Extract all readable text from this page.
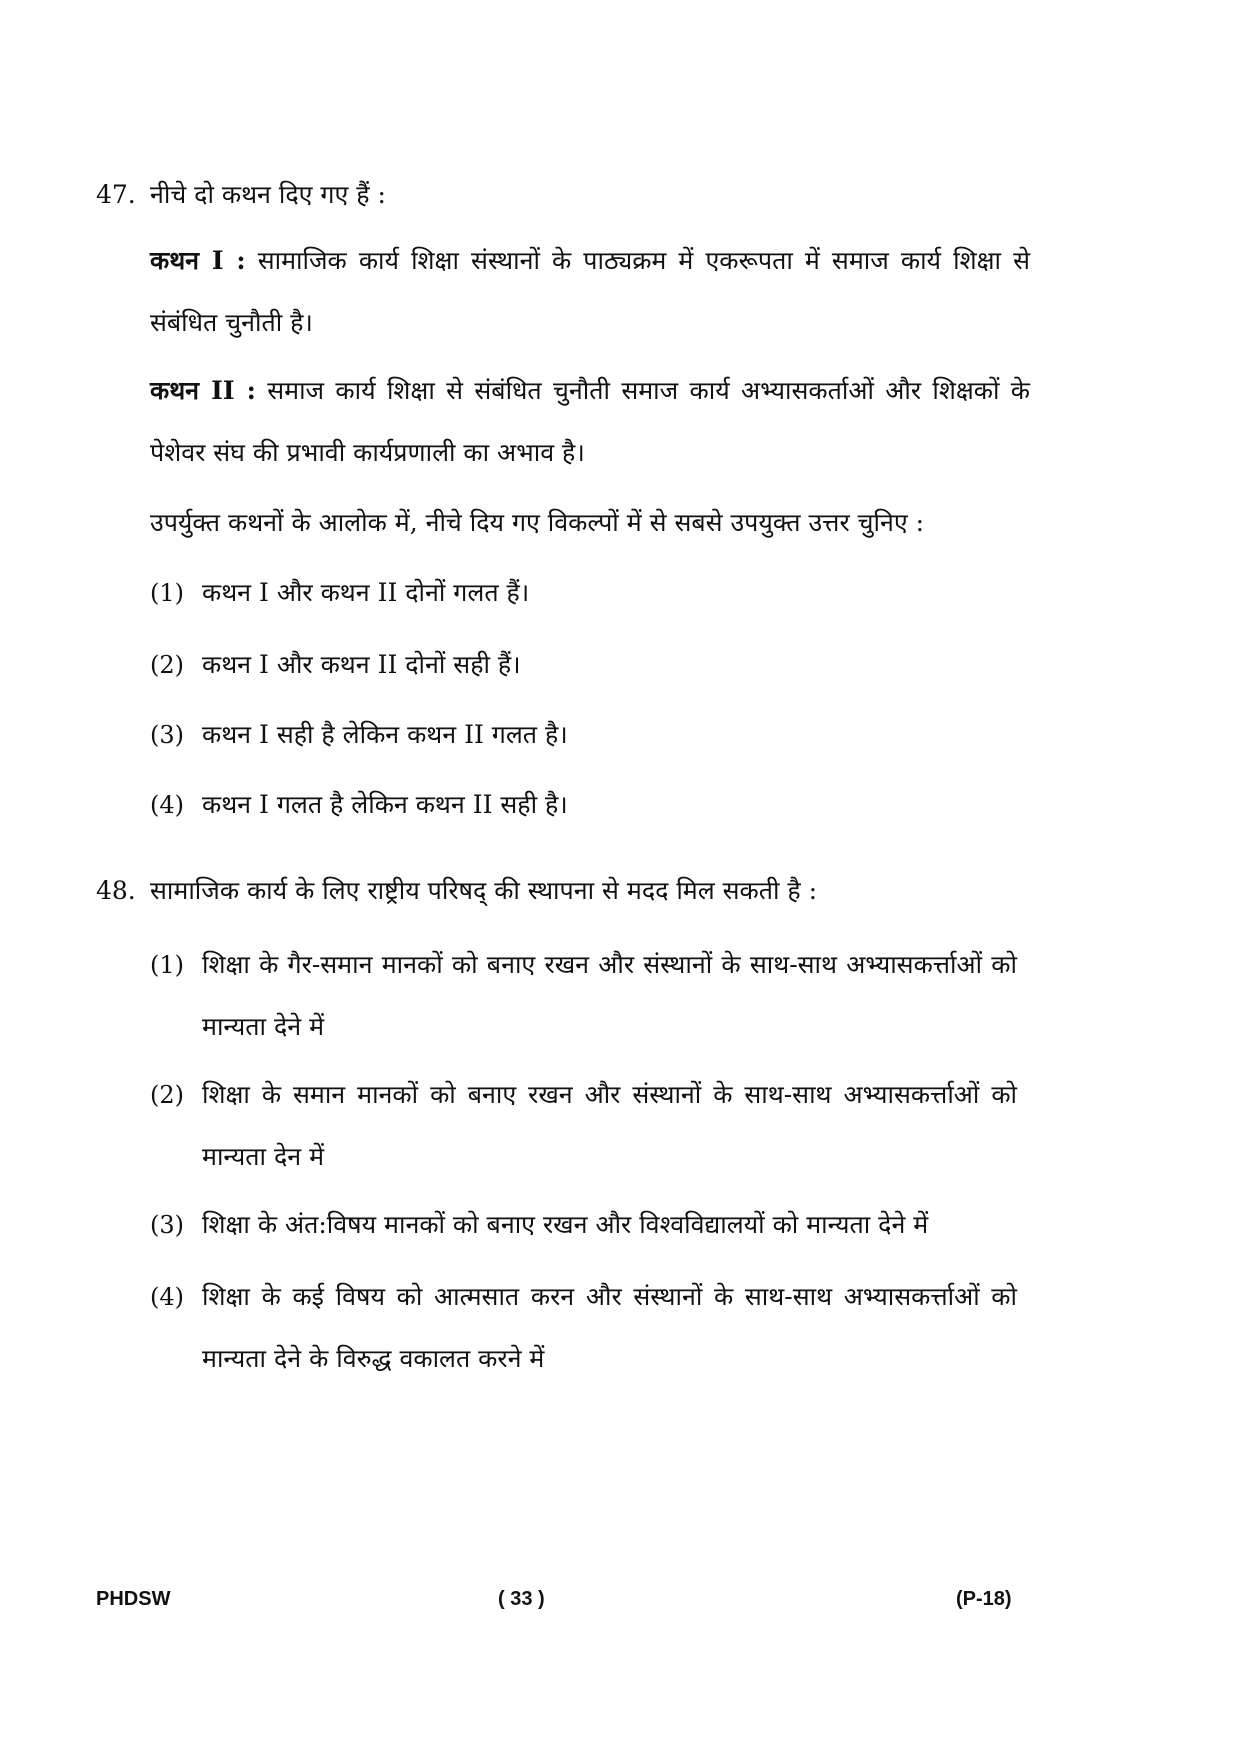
47. नीचे दो कथन दिए गए हैं :
कथन I : सामाजिक कार्य शिक्षा संस्थानों के पाठ्यक्रम में एकरूपता में समाज कार्य शिक्षा से
संबंधित चुनौती है।
कथन II : समाज कार्य शिक्षा से संबंधित चुनौती समाज कार्य अभ्यासकर्ताओं और शिक्षकों के
पेशेवर संघ की प्रभावी कार्यप्रणाली का अभाव है।
उपर्युक्त कथनों के आलोक में, नीचे दिय गए विकल्पों में से सबसे उपयुक्त उत्तर चुनिए :
(1) कथन I और कथन II दोनों गलत हैं।
(2) कथन I और कथन II दोनों सही हैं।
(3) कथन I सही है लेकिन कथन II गलत है।
(4) कथन I गलत है लेकिन कथन II सही है।
48. सामाजिक कार्य के लिए राष्ट्रीय परिषद् की स्थापना से मदद मिल सकती है :
(1) शिक्षा के गैर-समान मानकों को बनाए रखन और संस्थानों के साथ-साथ अभ्यासकर्त्ताओं को
मान्यता देने में
(2) शिक्षा के समान मानकों को बनाए रखन और संस्थानों के साथ-साथ अभ्यासकर्त्ताओं को
मान्यता देन में
(3) शिक्षा के अंत:विषय मानकों को बनाए रखन और विश्वविद्यालयों को मान्यता देने में
(4) शिक्षा के कई विषय को आत्मसात करन और संस्थानों के साथ-साथ अभ्यासकर्त्ताओं को
मान्यता देने के विरुद्ध वकालत करने में
PHDSW	( 33 )	(P-18)
